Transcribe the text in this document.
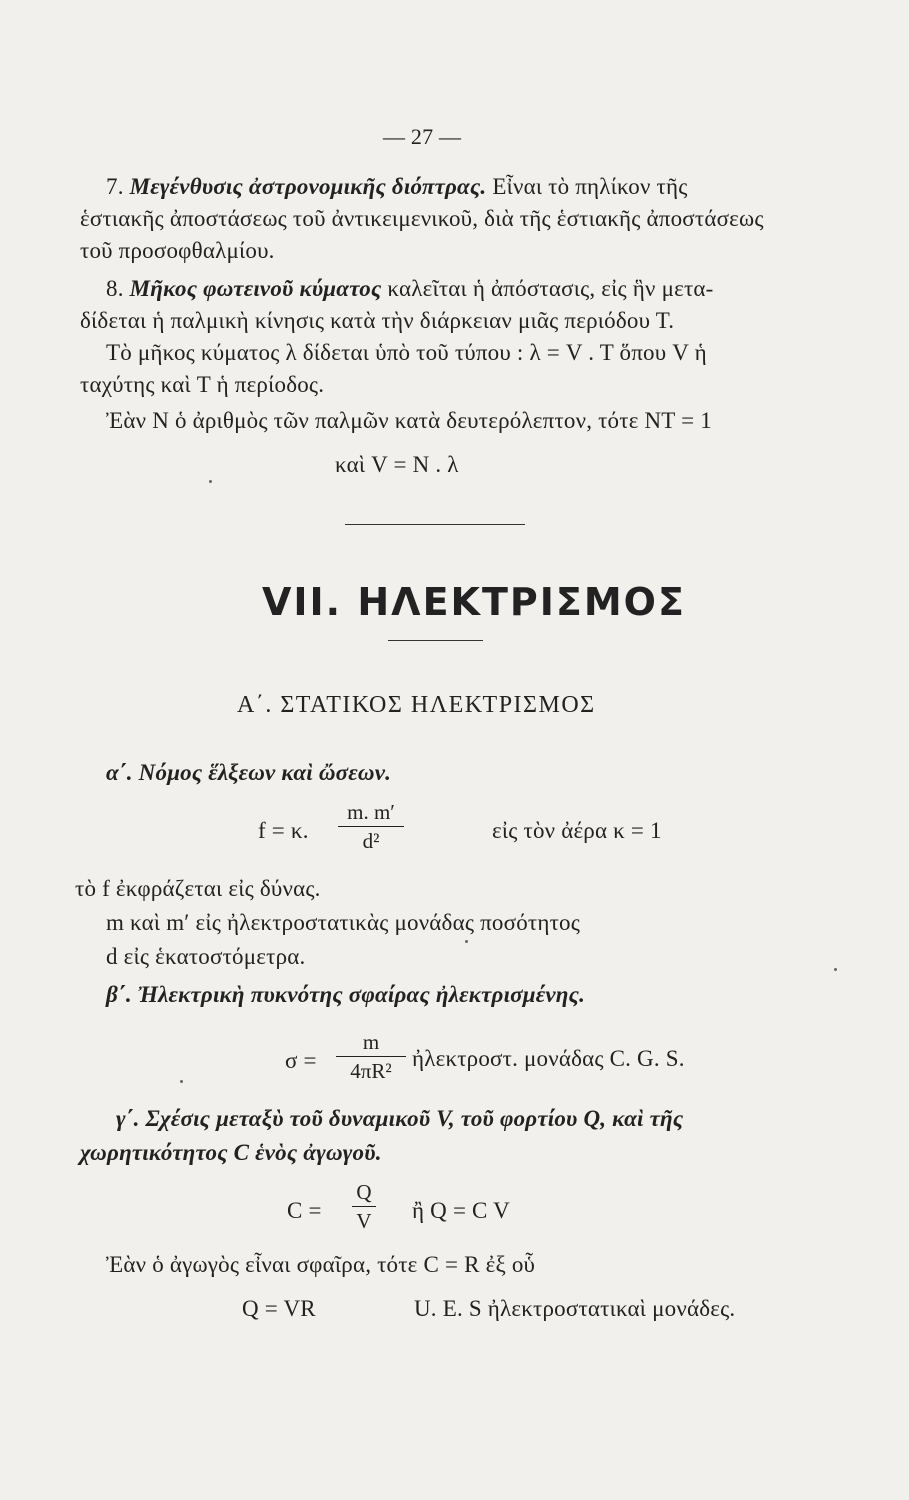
— 27 —
7. Μεγένθυσις ἀστρονομικῆς διόπτρας. Εἶναι τὸ πηλίκον τῆς
ἑστιακῆς ἀποστάσεως τοῦ ἀντικειμενικοῦ, διὰ τῆς ἑστιακῆς ἀποστάσεως
τοῦ προσοφθαλμίου.
8. Μῆκος φωτεινοῦ κύματος καλεῖται ἡ ἀπόστασις, εἰς ἣν μετα-
δίδεται ἡ παλμικὴ κίνησις κατὰ τὴν διάρκειαν μιᾶς περιόδου Τ.
Τὸ μῆκος κύματος λ δίδεται ὑπὸ τοῦ τύπου : λ = V . T ὅπου V ἡ
ταχύτης καὶ T ἡ περίοδος.
Ἐὰν Ν ὁ ἀριθμὸς τῶν παλμῶν κατὰ δευτερόλεπτον, τότε NT = 1
καὶ V = N . λ
VII. ΗΛΕΚΤΡΙΣΜΟΣ
Α΄. ΣΤΑΤΙΚΟΣ ΗΛΕΚΤΡΙΣΜΟΣ
α΄. Νόμος ἕλξεων καὶ ὤσεων.
f = κ.
m. m′
d²	εἰς τὸν ἀέρα κ = 1
τὸ f ἐκφράζεται εἰς δύνας.
m καὶ m′ εἰς ἠλεκτροστατικὰς μονάδας ποσότητος
d εἰς ἑκατοστόμετρα.
β΄. Ἠλεκτρικὴ πυκνότης σφαίρας ἠλεκτρισμένης.
σ =
m
4πR² ἠλεκτροστ. μονάδας C. G. S.
γ΄. Σχέσις μεταξὺ τοῦ δυναμικοῦ V, τοῦ φορτίου Q, καὶ τῆς
χωρητικότητος C ἑνὸς ἀγωγοῦ.
C =
Q
V ἢ Q = C V
Ἐὰν ὁ ἀγωγὸς εἶναι σφαῖρα, τότε C = R ἐξ οὗ
Q = VR	U. E. S ἠλεκτροστατικαὶ μονάδες.
